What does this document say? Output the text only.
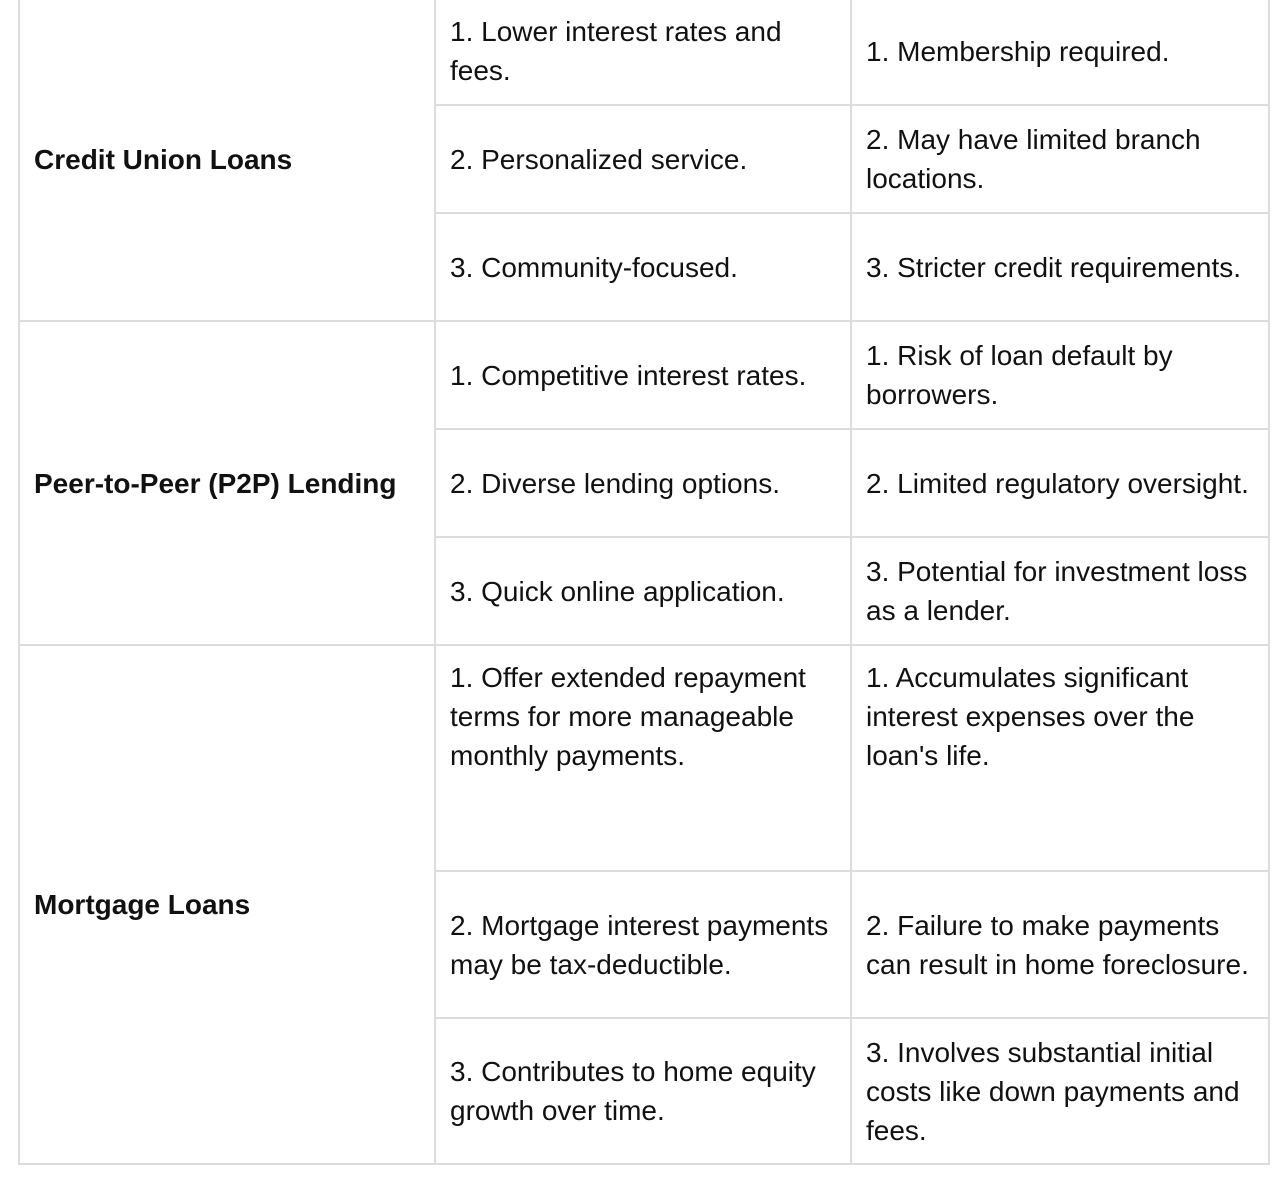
Credit Union Loans	1. Lower interest rates and fees.	1. Membership required.
	2. Personalized service.	2. May have limited branch locations.
	3. Community-focused.	3. Stricter credit requirements.
Peer-to-Peer (P2P) Lending	1. Competitive interest rates.	1. Risk of loan default by borrowers.
	2. Diverse lending options.	2. Limited regulatory oversight.
	3. Quick online application.	3. Potential for investment loss as a lender.
Mortgage Loans	1. Offer extended repayment terms for more manageable monthly payments.	1. Accumulates significant interest expenses over the loan's life.
	2. Mortgage interest payments may be tax-deductible.	2. Failure to make payments can result in home foreclosure.
	3. Contributes to home equity growth over time.	3. Involves substantial initial costs like down payments and fees.
